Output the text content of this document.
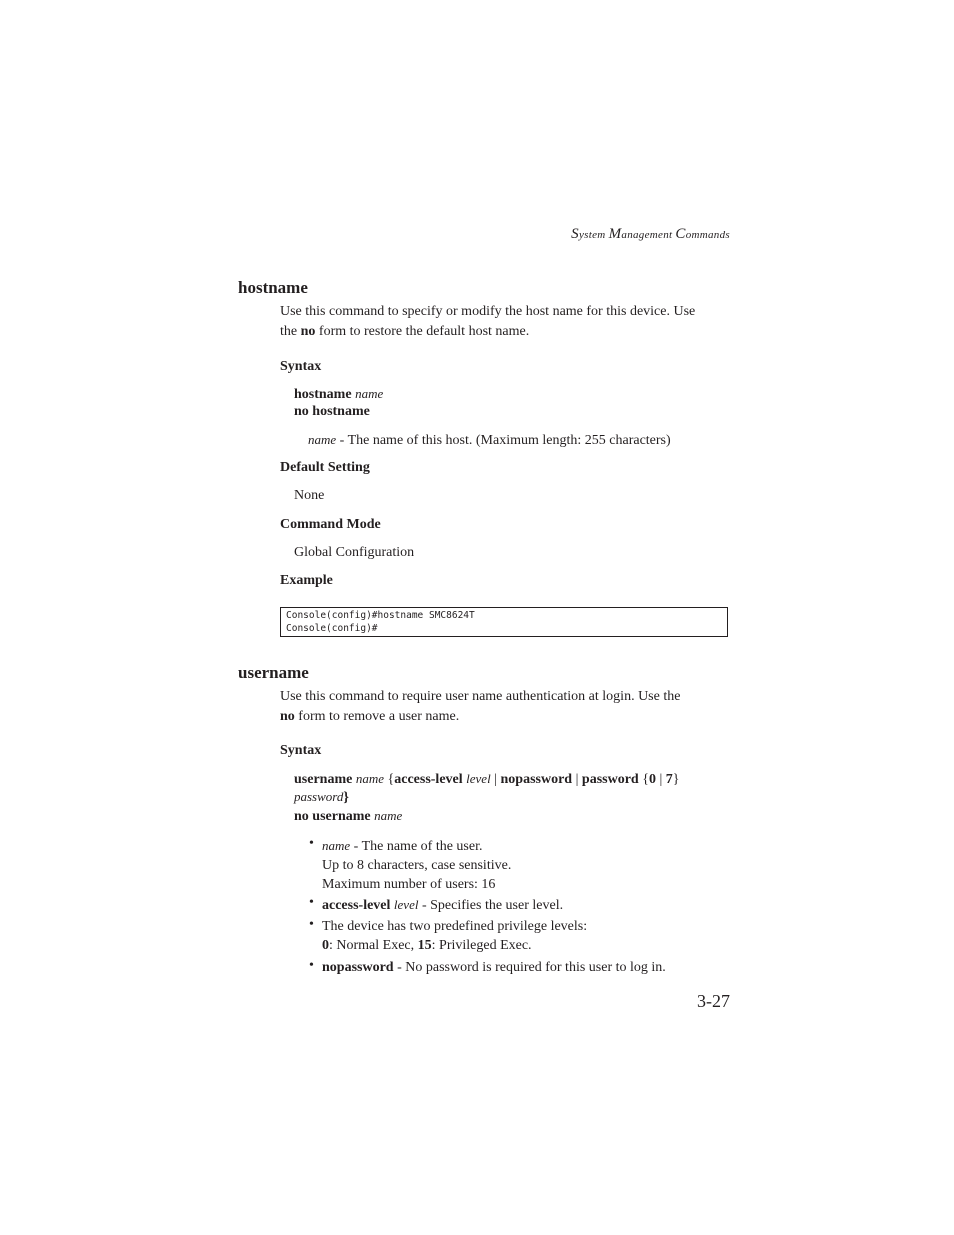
System Management Commands
hostname
Use this command to specify or modify the host name for this device. Use
the no form to restore the default host name.
Syntax
hostname name
no hostname
name - The name of this host. (Maximum length: 255 characters)
Default Setting
None
Command Mode
Global Configuration
Example
Console(config)#hostname SMC8624T
Console(config)#
username
Use this command to require user name authentication at login. Use the
no form to remove a user name.
Syntax
username name {access-level level | nopassword | password {0 | 7}
password}
no username name
• name - The name of the user.
Up to 8 characters, case sensitive.
Maximum number of users: 16
• access-level level - Specifies the user level.
• The device has two predefined privilege levels:
0: Normal Exec, 15: Privileged Exec.
• nopassword - No password is required for this user to log in.
3-27
